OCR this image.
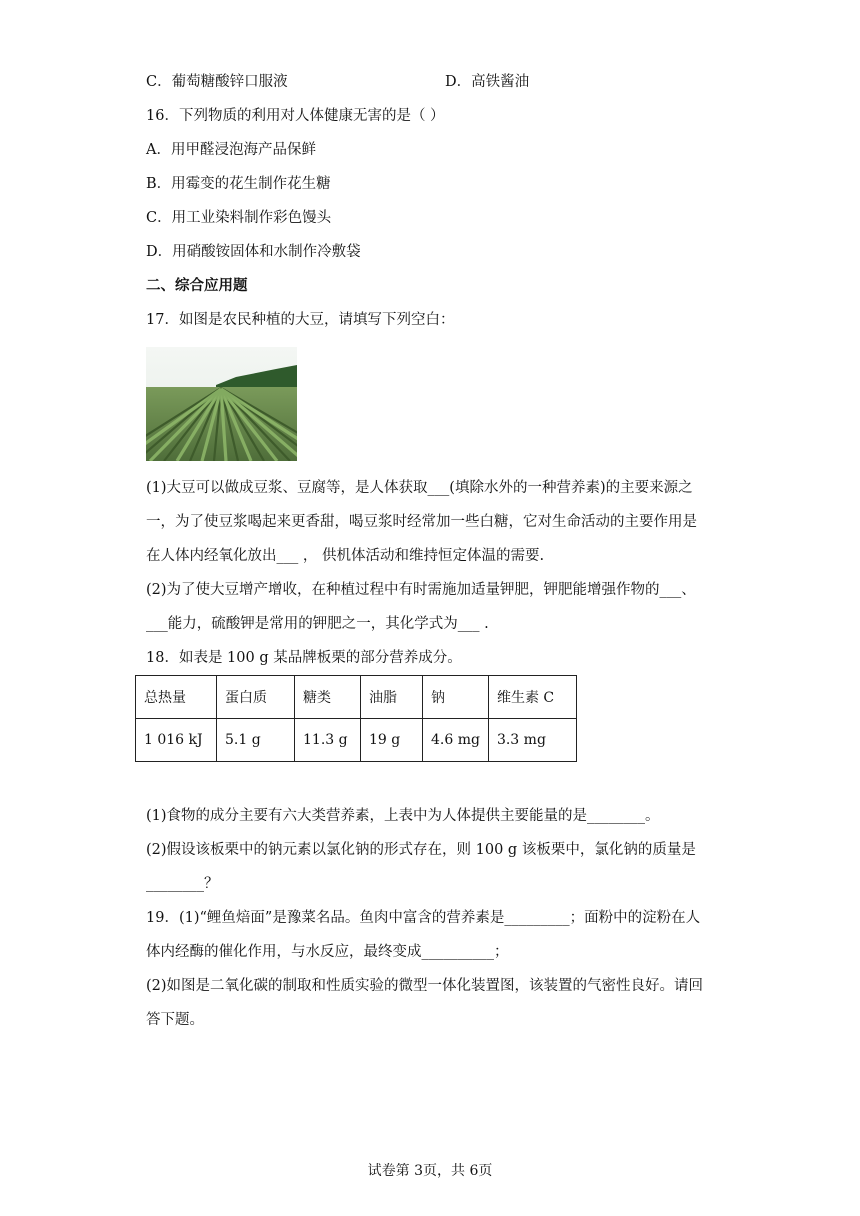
C．葡萄糖酸锌口服液	D．高铁酱油
16．下列物质的利用对人体健康无害的是（ ）
A．用甲醛浸泡海产品保鲜
B．用霉变的花生制作花生糖
C．用工业染料制作彩色馒头
D．用硝酸铵固体和水制作冷敷袋
二、综合应用题
17．如图是农民种植的大豆，请填写下列空白：
(1)大豆可以做成豆浆、豆腐等，是人体获取___(填除水外的一种营养素)的主要来源之
一，为了使豆浆喝起来更香甜，喝豆浆时经常加一些白糖，它对生命活动的主要作用是
在人体内经氧化放出___ ， 供机体活动和维持恒定体温的需要.
(2)为了使大豆增产增收，在种植过程中有时需施加适量钾肥，钾肥能增强作物的___、
___能力，硫酸钾是常用的钾肥之一，其化学式为___ .
18．如表是 100 g 某品牌板栗的部分营养成分。
总热量	蛋白质	糖类	油脂	钠	维生素 C
1 016 kJ	5.1 g	11.3 g	19 g	4.6 mg	3.3 mg
(1)食物的成分主要有六大类营养素，上表中为人体提供主要能量的是________。
(2)假设该板栗中的钠元素以氯化钠的形式存在，则 100 g 该板栗中，氯化钠的质量是
________？
19．(1)“鲤鱼焙面”是豫菜名品。鱼肉中富含的营养素是_________；面粉中的淀粉在人
体内经酶的催化作用，与水反应，最终变成__________；
(2)如图是二氧化碳的制取和性质实验的微型一体化装置图，该装置的气密性良好。请回
答下题。
试卷第 3页，共 6页
